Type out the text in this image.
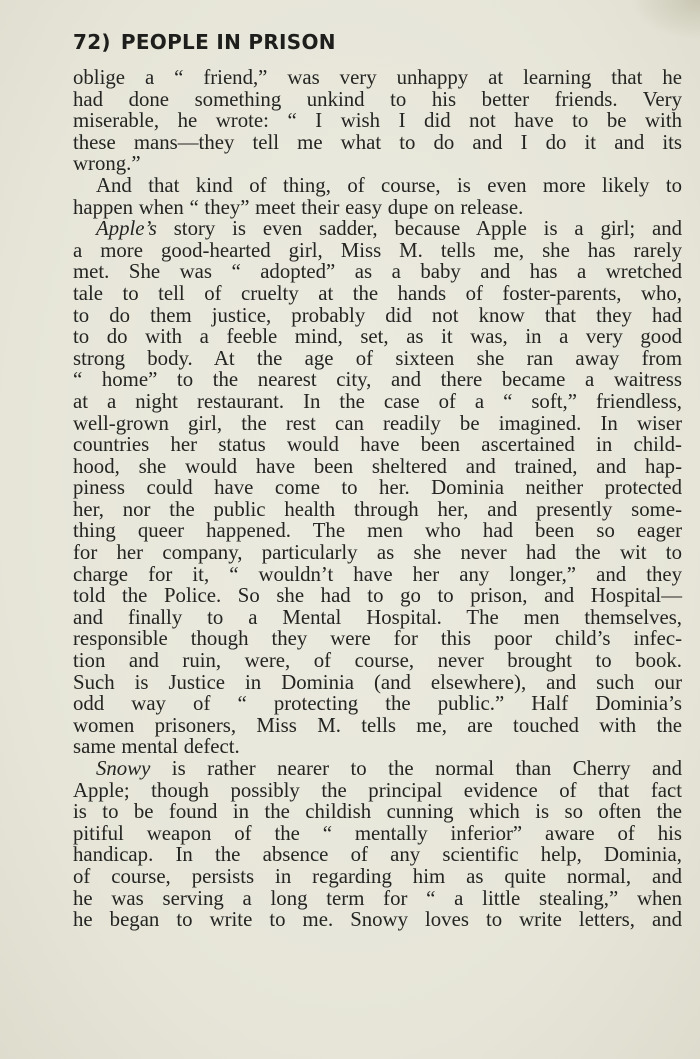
72) PEOPLE IN PRISON
oblige a “ friend,” was very unhappy at learning that he
had done something unkind to his better friends. Very
miserable, he wrote: “ I wish I did not have to be with
these mans—they tell me what to do and I do it and its
wrong.”
And that kind of thing, of course, is even more likely to
happen when “ they” meet their easy dupe on release.
Apple’s story is even sadder, because Apple is a girl; and
a more good-hearted girl, Miss M. tells me, she has rarely
met. She was “ adopted” as a baby and has a wretched
tale to tell of cruelty at the hands of foster-parents, who,
to do them justice, probably did not know that they had
to do with a feeble mind, set, as it was, in a very good
strong body. At the age of sixteen she ran away from
“ home” to the nearest city, and there became a waitress
at a night restaurant. In the case of a “ soft,” friendless,
well-grown girl, the rest can readily be imagined. In wiser
countries her status would have been ascertained in child-
hood, she would have been sheltered and trained, and hap-
piness could have come to her. Dominia neither protected
her, nor the public health through her, and presently some-
thing queer happened. The men who had been so eager
for her company, particularly as she never had the wit to
charge for it, “ wouldn’t have her any longer,” and they
told the Police. So she had to go to prison, and Hospital—
and finally to a Mental Hospital. The men themselves,
responsible though they were for this poor child’s infec-
tion and ruin, were, of course, never brought to book.
Such is Justice in Dominia (and elsewhere), and such our
odd way of “ protecting the public.” Half Dominia’s
women prisoners, Miss M. tells me, are touched with the
same mental defect.
Snowy is rather nearer to the normal than Cherry and
Apple; though possibly the principal evidence of that fact
is to be found in the childish cunning which is so often the
pitiful weapon of the “ mentally inferior” aware of his
handicap. In the absence of any scientific help, Dominia,
of course, persists in regarding him as quite normal, and
he was serving a long term for “ a little stealing,” when
he began to write to me. Snowy loves to write letters, and
